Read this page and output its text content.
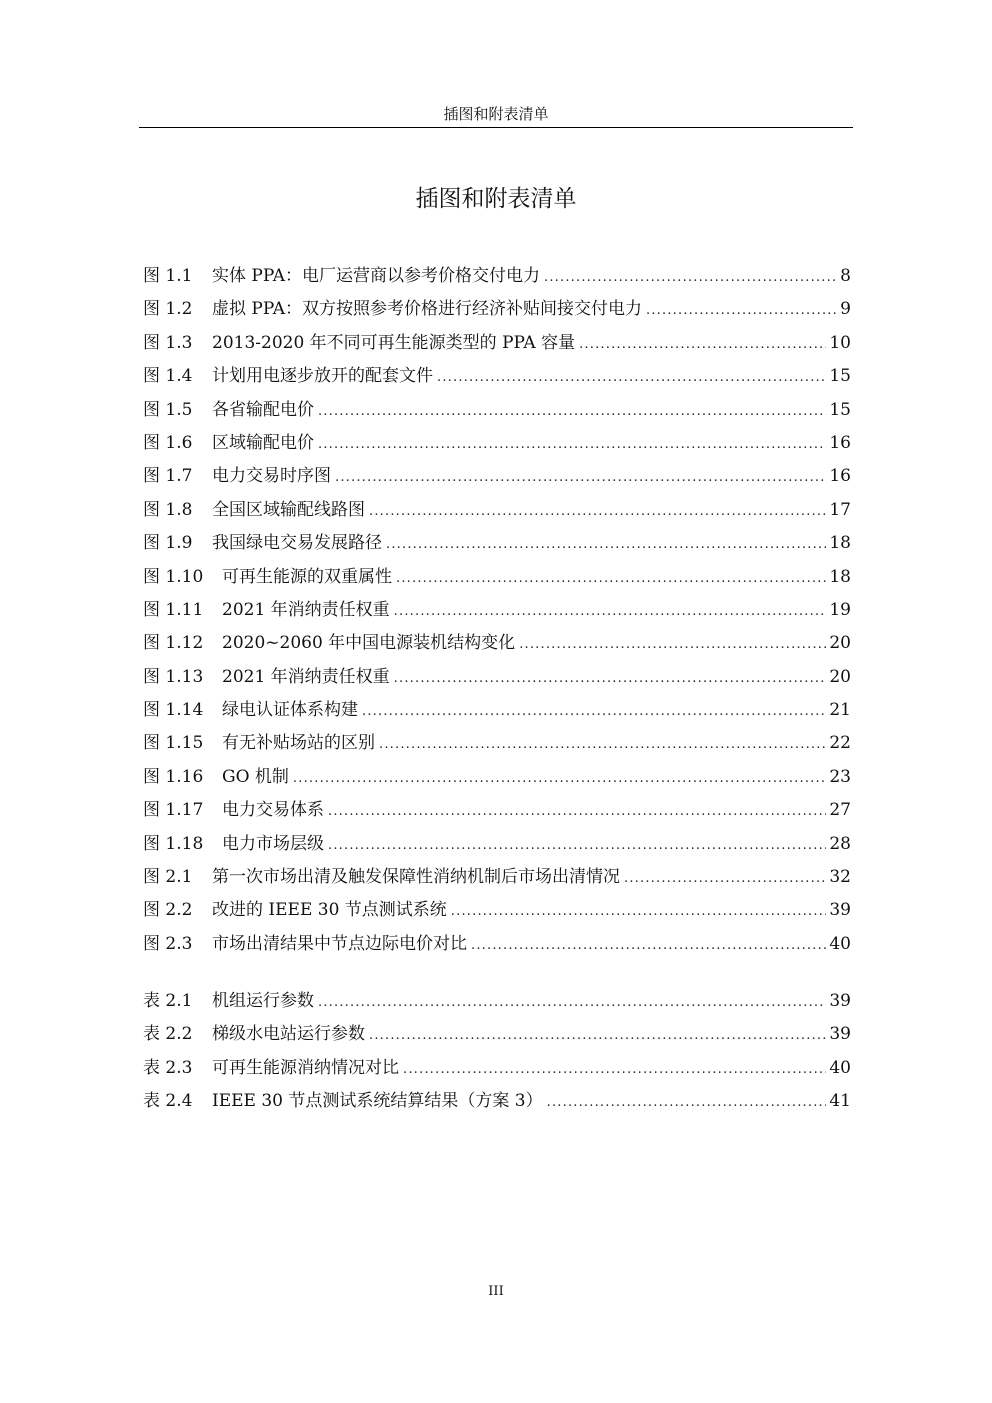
插图和附表清单
插图和附表清单
图 1.1	实体 PPA：电厂运营商以参考价格交付电力 .....	8
图 1.2	虚拟 PPA：双方按照参考价格进行经济补贴间接交付电力 .....	9
图 1.3	2013-2020 年不同可再生能源类型的 PPA 容量 .....	10
图 1.4	计划用电逐步放开的配套文件 .....	15
图 1.5	各省输配电价 .....	15
图 1.6	区域输配电价 .....	16
图 1.7	电力交易时序图 .....	16
图 1.8	全国区域输配线路图 .....	17
图 1.9	我国绿电交易发展路径 .....	18
图 1.10	可再生能源的双重属性 .....	18
图 1.11	2021 年消纳责任权重 .....	19
图 1.12	2020~2060 年中国电源装机结构变化 .....	20
图 1.13	2021 年消纳责任权重 .....	20
图 1.14	绿电认证体系构建 .....	21
图 1.15	有无补贴场站的区别 .....	22
图 1.16	GO 机制 .....	23
图 1.17	电力交易体系 .....	27
图 1.18	电力市场层级 .....	28
图 2.1	第一次市场出清及触发保障性消纳机制后市场出清情况 .....	32
图 2.2	改进的 IEEE 30 节点测试系统 .....	39
图 2.3	市场出清结果中节点边际电价对比 .....	40
表 2.1	机组运行参数 .....	39
表 2.2	梯级水电站运行参数 .....	39
表 2.3	可再生能源消纳情况对比 .....	40
表 2.4	IEEE 30 节点测试系统结算结果（方案 3） .....	41
III
